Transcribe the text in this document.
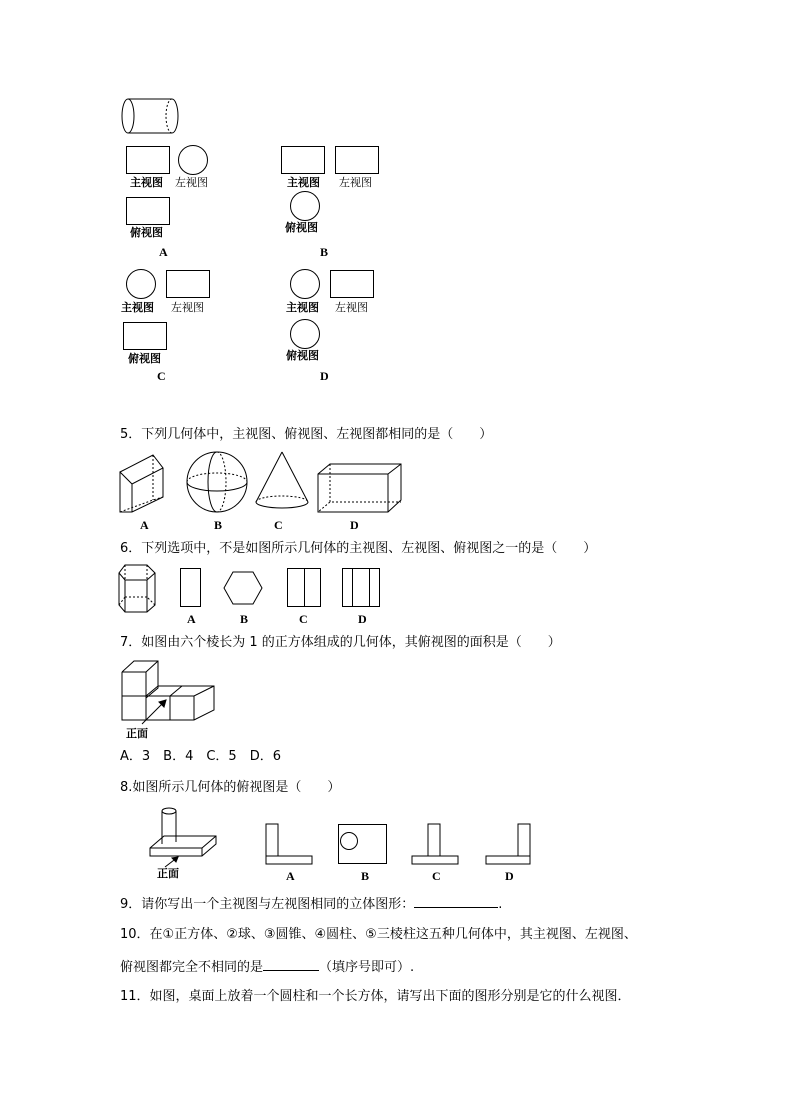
主视图 左视图
俯视图
A
主视图 左视图
俯视图
B
主视图 左视图
俯视图
C
主视图 左视图
俯视图
D
5．下列几何体中，主视图、俯视图、左视图都相同的是（　　）
A	B	C	D
6．下列选项中，不是如图所示几何体的主视图、左视图、俯视图之一的是（　　）
A	B	C	D
7．如图由六个棱长为 1 的正方体组成的几何体，其俯视图的面积是（　　）
正面
A．3　B．4　C．5　D．6
8.如图所示几何体的俯视图是（　　）
正面	A	B	C	D
9．请你写出一个主视图与左视图相同的立体图形：	.
10．在①正方体、②球、③圆锥、④圆柱、⑤三棱柱这五种几何体中，其主视图、左视图、
俯视图都完全不相同的是	（填序号即可）.
11．如图，桌面上放着一个圆柱和一个长方体，请写出下面的图形分别是它的什么视图．
